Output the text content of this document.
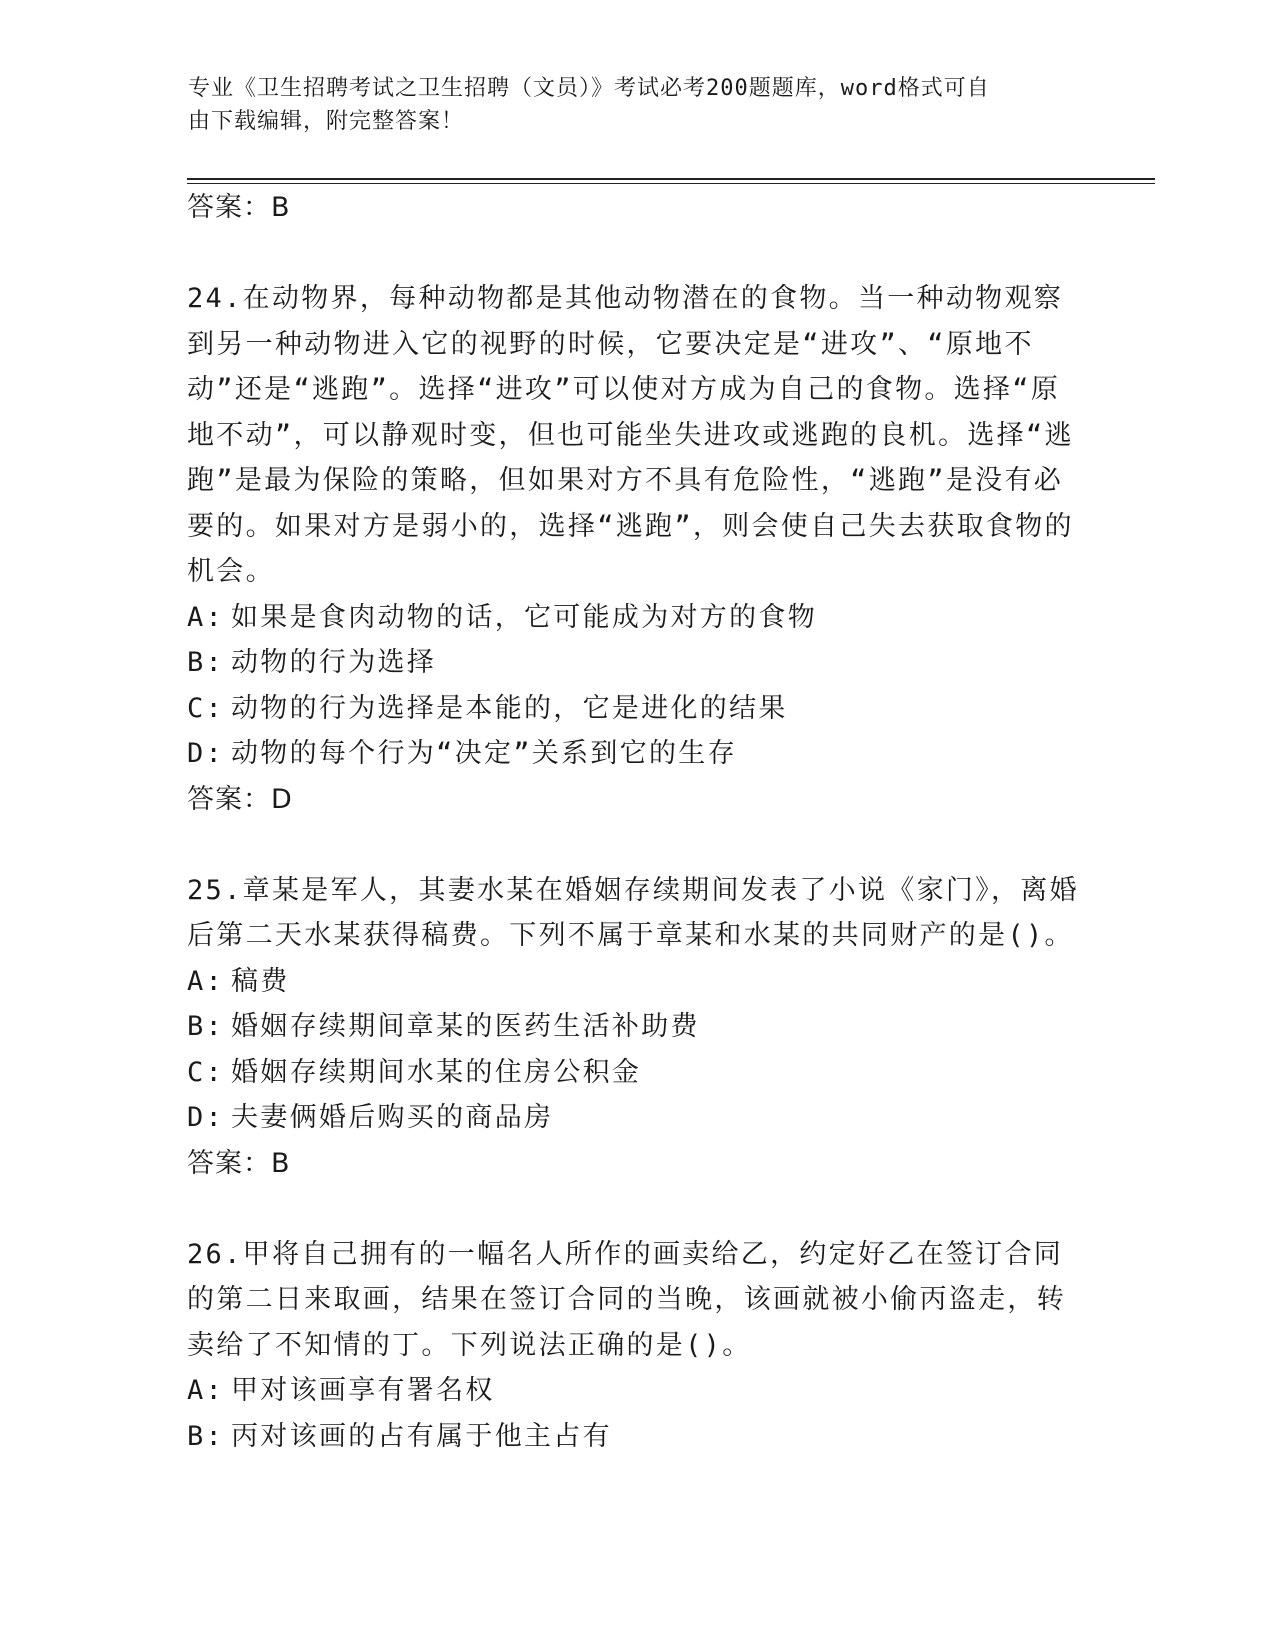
专业《卫生招聘考试之卫生招聘（文员）》考试必考200题题库，word格式可自
由下载编辑，附完整答案！
答案：B
24.在动物界，每种动物都是其他动物潜在的食物。当一种动物观察到另一种动物进入它的视野的时候，它要决定是“进攻”、“原地不动”还是“逃跑”。选择“进攻”可以使对方成为自己的食物。选择“原地不动”，可以静观时变，但也可能坐失进攻或逃跑的良机。选择“逃跑”是最为保险的策略，但如果对方不具有危险性，“逃跑”是没有必要的。如果对方是弱小的，选择“逃跑”，则会使自己失去获取食物的机会。
A: 如果是食肉动物的话，它可能成为对方的食物
B: 动物的行为选择
C: 动物的行为选择是本能的，它是进化的结果
D: 动物的每个行为“决定”关系到它的生存
答案：D
25.章某是军人，其妻水某在婚姻存续期间发表了小说《家门》，离婚后第二天水某获得稿费。下列不属于章某和水某的共同财产的是()。
A: 稿费
B: 婚姻存续期间章某的医药生活补助费
C: 婚姻存续期间水某的住房公积金
D: 夫妻俩婚后购买的商品房
答案：B
26.甲将自己拥有的一幅名人所作的画卖给乙，约定好乙在签订合同的第二日来取画，结果在签订合同的当晚，该画就被小偷丙盗走，转卖给了不知情的丁。下列说法正确的是()。
A: 甲对该画享有署名权
B: 丙对该画的占有属于他主占有
